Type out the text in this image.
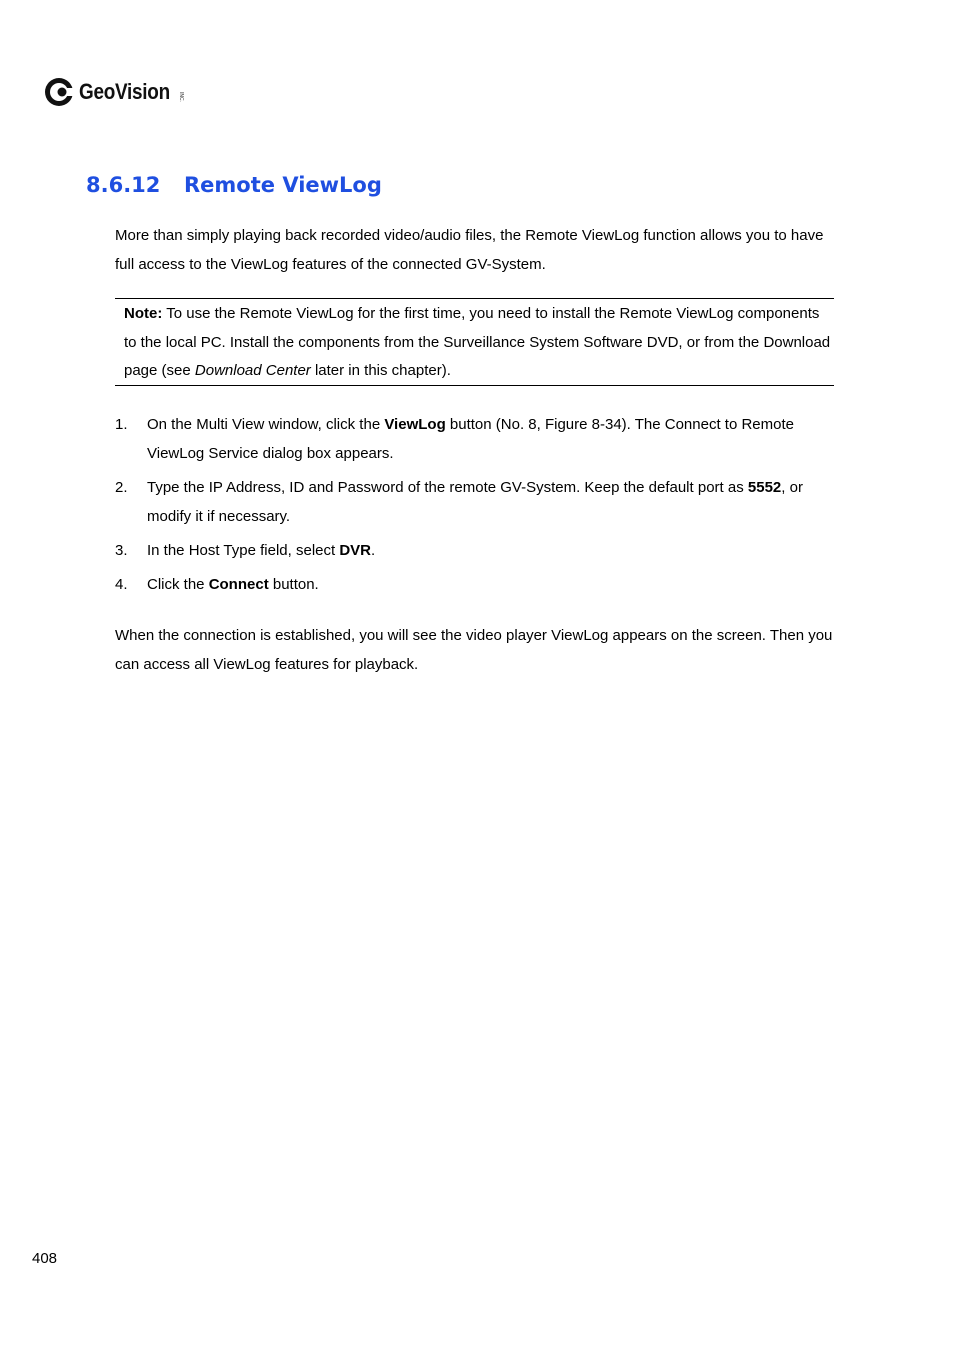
GeoVision INC.
8.6.12 Remote ViewLog

More than simply playing back recorded video/audio files, the Remote ViewLog function allows you to have full access to the ViewLog features of the connected GV-System.

Note: To use the Remote ViewLog for the first time, you need to install the Remote ViewLog components to the local PC. Install the components from the Surveillance System Software DVD, or from the Download page (see Download Center later in this chapter).
1. On the Multi View window, click the ViewLog button (No. 8, Figure 8-34). The Connect to Remote ViewLog Service dialog box appears.
2. Type the IP Address, ID and Password of the remote GV-System. Keep the default port as 5552, or modify it if necessary.
3. In the Host Type field, select DVR.
4. Click the Connect button.

When the connection is established, you will see the video player ViewLog appears on the screen. Then you can access all ViewLog features for playback.

408
